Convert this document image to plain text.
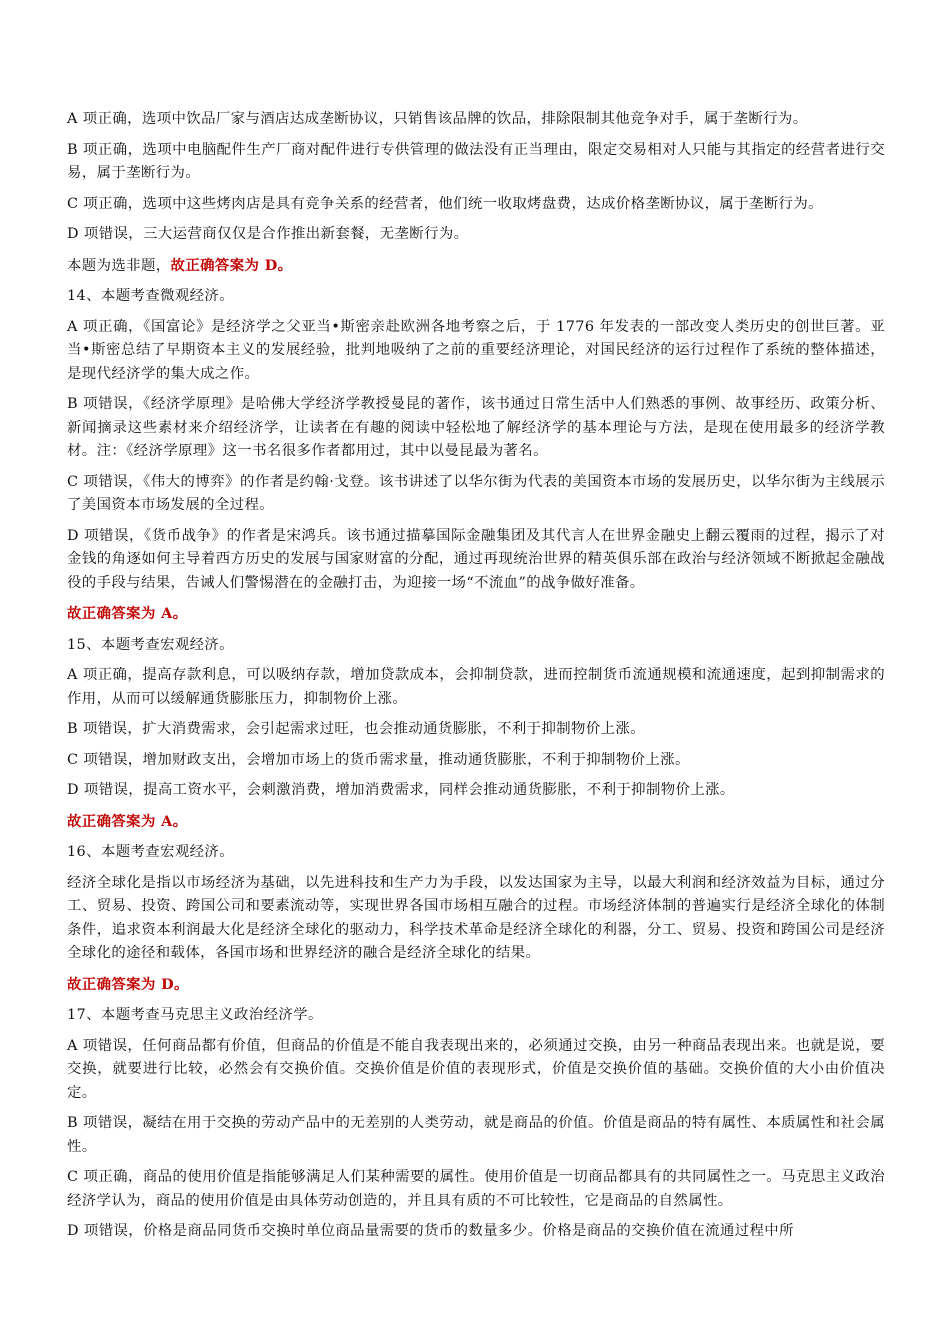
A 项正确，选项中饮品厂家与酒店达成垄断协议，只销售该品牌的饮品，排除限制其他竞争对手，属于垄断行为。

B 项正确，选项中电脑配件生产厂商对配件进行专供管理的做法没有正当理由，限定交易相对人只能与其指定的经营者进行交易，属于垄断行为。

C 项正确，选项中这些烤肉店是具有竞争关系的经营者，他们统一收取烤盘费，达成价格垄断协议，属于垄断行为。

D 项错误，三大运营商仅仅是合作推出新套餐，无垄断行为。

本题为选非题，故正确答案为 D。

14、本题考查微观经济。

A 项正确，《国富论》是经济学之父亚当•斯密亲赴欧洲各地考察之后，于 1776 年发表的一部改变人类历史的创世巨著。亚当•斯密总结了早期资本主义的发展经验，批判地吸纳了之前的重要经济理论，对国民经济的运行过程作了系统的整体描述，是现代经济学的集大成之作。

B 项错误，《经济学原理》是哈佛大学经济学教授曼昆的著作，该书通过日常生活中人们熟悉的事例、故事经历、政策分析、新闻摘录这些素材来介绍经济学，让读者在有趣的阅读中轻松地了解经济学的基本理论与方法，是现在使用最多的经济学教材。注：《经济学原理》这一书名很多作者都用过，其中以曼昆最为著名。

C 项错误，《伟大的博弈》的作者是约翰·戈登。该书讲述了以华尔街为代表的美国资本市场的发展历史，以华尔街为主线展示了美国资本市场发展的全过程。

D 项错误，《货币战争》的作者是宋鸿兵。该书通过描摹国际金融集团及其代言人在世界金融史上翻云覆雨的过程，揭示了对金钱的角逐如何主导着西方历史的发展与国家财富的分配，通过再现统治世界的精英俱乐部在政治与经济领域不断掀起金融战役的手段与结果，告诫人们警惕潜在的金融打击，为迎接一场“不流血”的战争做好准备。

故正确答案为 A。

15、本题考查宏观经济。

A 项正确，提高存款利息，可以吸纳存款，增加贷款成本，会抑制贷款，进而控制货币流通规模和流通速度，起到抑制需求的作用，从而可以缓解通货膨胀压力，抑制物价上涨。

B 项错误，扩大消费需求，会引起需求过旺，也会推动通货膨胀，不利于抑制物价上涨。

C 项错误，增加财政支出，会增加市场上的货币需求量，推动通货膨胀，不利于抑制物价上涨。

D 项错误，提高工资水平，会刺激消费，增加消费需求，同样会推动通货膨胀，不利于抑制物价上涨。

故正确答案为 A。

16、本题考查宏观经济。

经济全球化是指以市场经济为基础，以先进科技和生产力为手段，以发达国家为主导，以最大利润和经济效益为目标，通过分工、贸易、投资、跨国公司和要素流动等，实现世界各国市场相互融合的过程。市场经济体制的普遍实行是经济全球化的体制条件，追求资本利润最大化是经济全球化的驱动力，科学技术革命是经济全球化的利器，分工、贸易、投资和跨国公司是经济全球化的途径和载体，各国市场和世界经济的融合是经济全球化的结果。

故正确答案为 D。

17、本题考查马克思主义政治经济学。

A 项错误，任何商品都有价值，但商品的价值是不能自我表现出来的，必须通过交换，由另一种商品表现出来。也就是说，要交换，就要进行比较，必然会有交换价值。交换价值是价值的表现形式，价值是交换价值的基础。交换价值的大小由价值决定。

B 项错误，凝结在用于交换的劳动产品中的无差别的人类劳动，就是商品的价值。价值是商品的特有属性、本质属性和社会属性。

C 项正确，商品的使用价值是指能够满足人们某种需要的属性。使用价值是一切商品都具有的共同属性之一。马克思主义政治经济学认为，商品的使用价值是由具体劳动创造的，并且具有质的不可比较性，它是商品的自然属性。

D 项错误，价格是商品同货币交换时单位商品量需要的货币的数量多少。价格是商品的交换价值在流通过程中所
